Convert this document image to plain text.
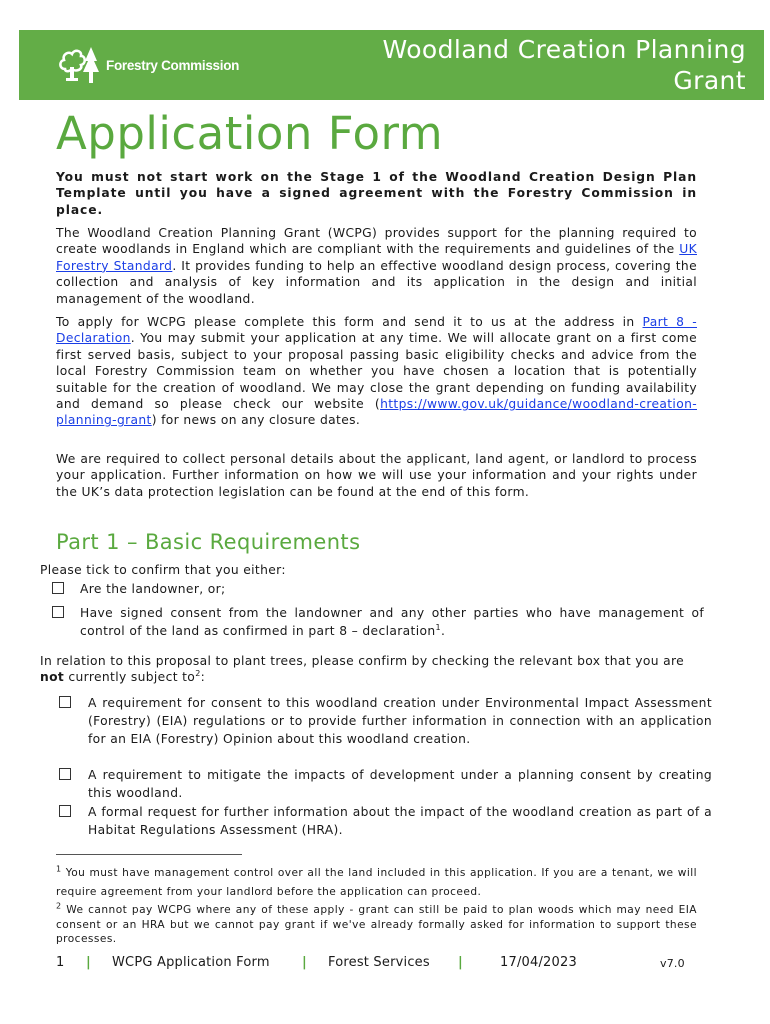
Forestry Commission
Woodland Creation Planning
Grant
Application Form

You must not start work on the Stage 1 of the Woodland Creation Design Plan Template until you have a signed agreement with the Forestry Commission in place.

The Woodland Creation Planning Grant (WCPG) provides support for the planning required to create woodlands in England which are compliant with the requirements and guidelines of the UK Forestry Standard. It provides funding to help an effective woodland design process, covering the collection and analysis of key information and its application in the design and initial management of the woodland.

To apply for WCPG please complete this form and send it to us at the address in Part 8 - Declaration. You may submit your application at any time. We will allocate grant on a first come first served basis, subject to your proposal passing basic eligibility checks and advice from the local Forestry Commission team on whether you have chosen a location that is potentially suitable for the creation of woodland. We may close the grant depending on funding availability and demand so please check our website (https://www.gov.uk/guidance/woodland-creation-planning-grant) for news on any closure dates.

We are required to collect personal details about the applicant, land agent, or landlord to process your application. Further information on how we will use your information and your rights under the UK’s data protection legislation can be found at the end of this form.

Part 1 – Basic Requirements
Please tick to confirm that you either:
Are the landowner, or;
Have signed consent from the landowner and any other parties who have management of control of the land as confirmed in part 8 – declaration$^1$.
In relation to this proposal to plant trees, please confirm by checking the relevant box that you are not currently subject $to^2$:
A requirement for consent to this woodland creation under Environmental Impact Assessment (Forestry) (EIA) regulations or to provide further information in connection with an application for an EIA (Forestry) Opinion about this woodland creation.
A requirement to mitigate the impacts of development under a planning consent by creating this woodland.
A formal request for further information about the impact of the woodland creation as part of a Habitat Regulations Assessment (HRA).
$^1$ You must have management control over all the land included in this application. If you are a tenant, we will require agreement from your landlord before the application can proceed.
$^2$ We cannot pay WCPG where any of these apply - grant can still be paid to plan woods which may need EIA consent or an HRA but we cannot pay grant if we've already formally asked for information to support these processes.
1 | WCPG Application Form | Forest Services |	17/04/2023	v7.0
